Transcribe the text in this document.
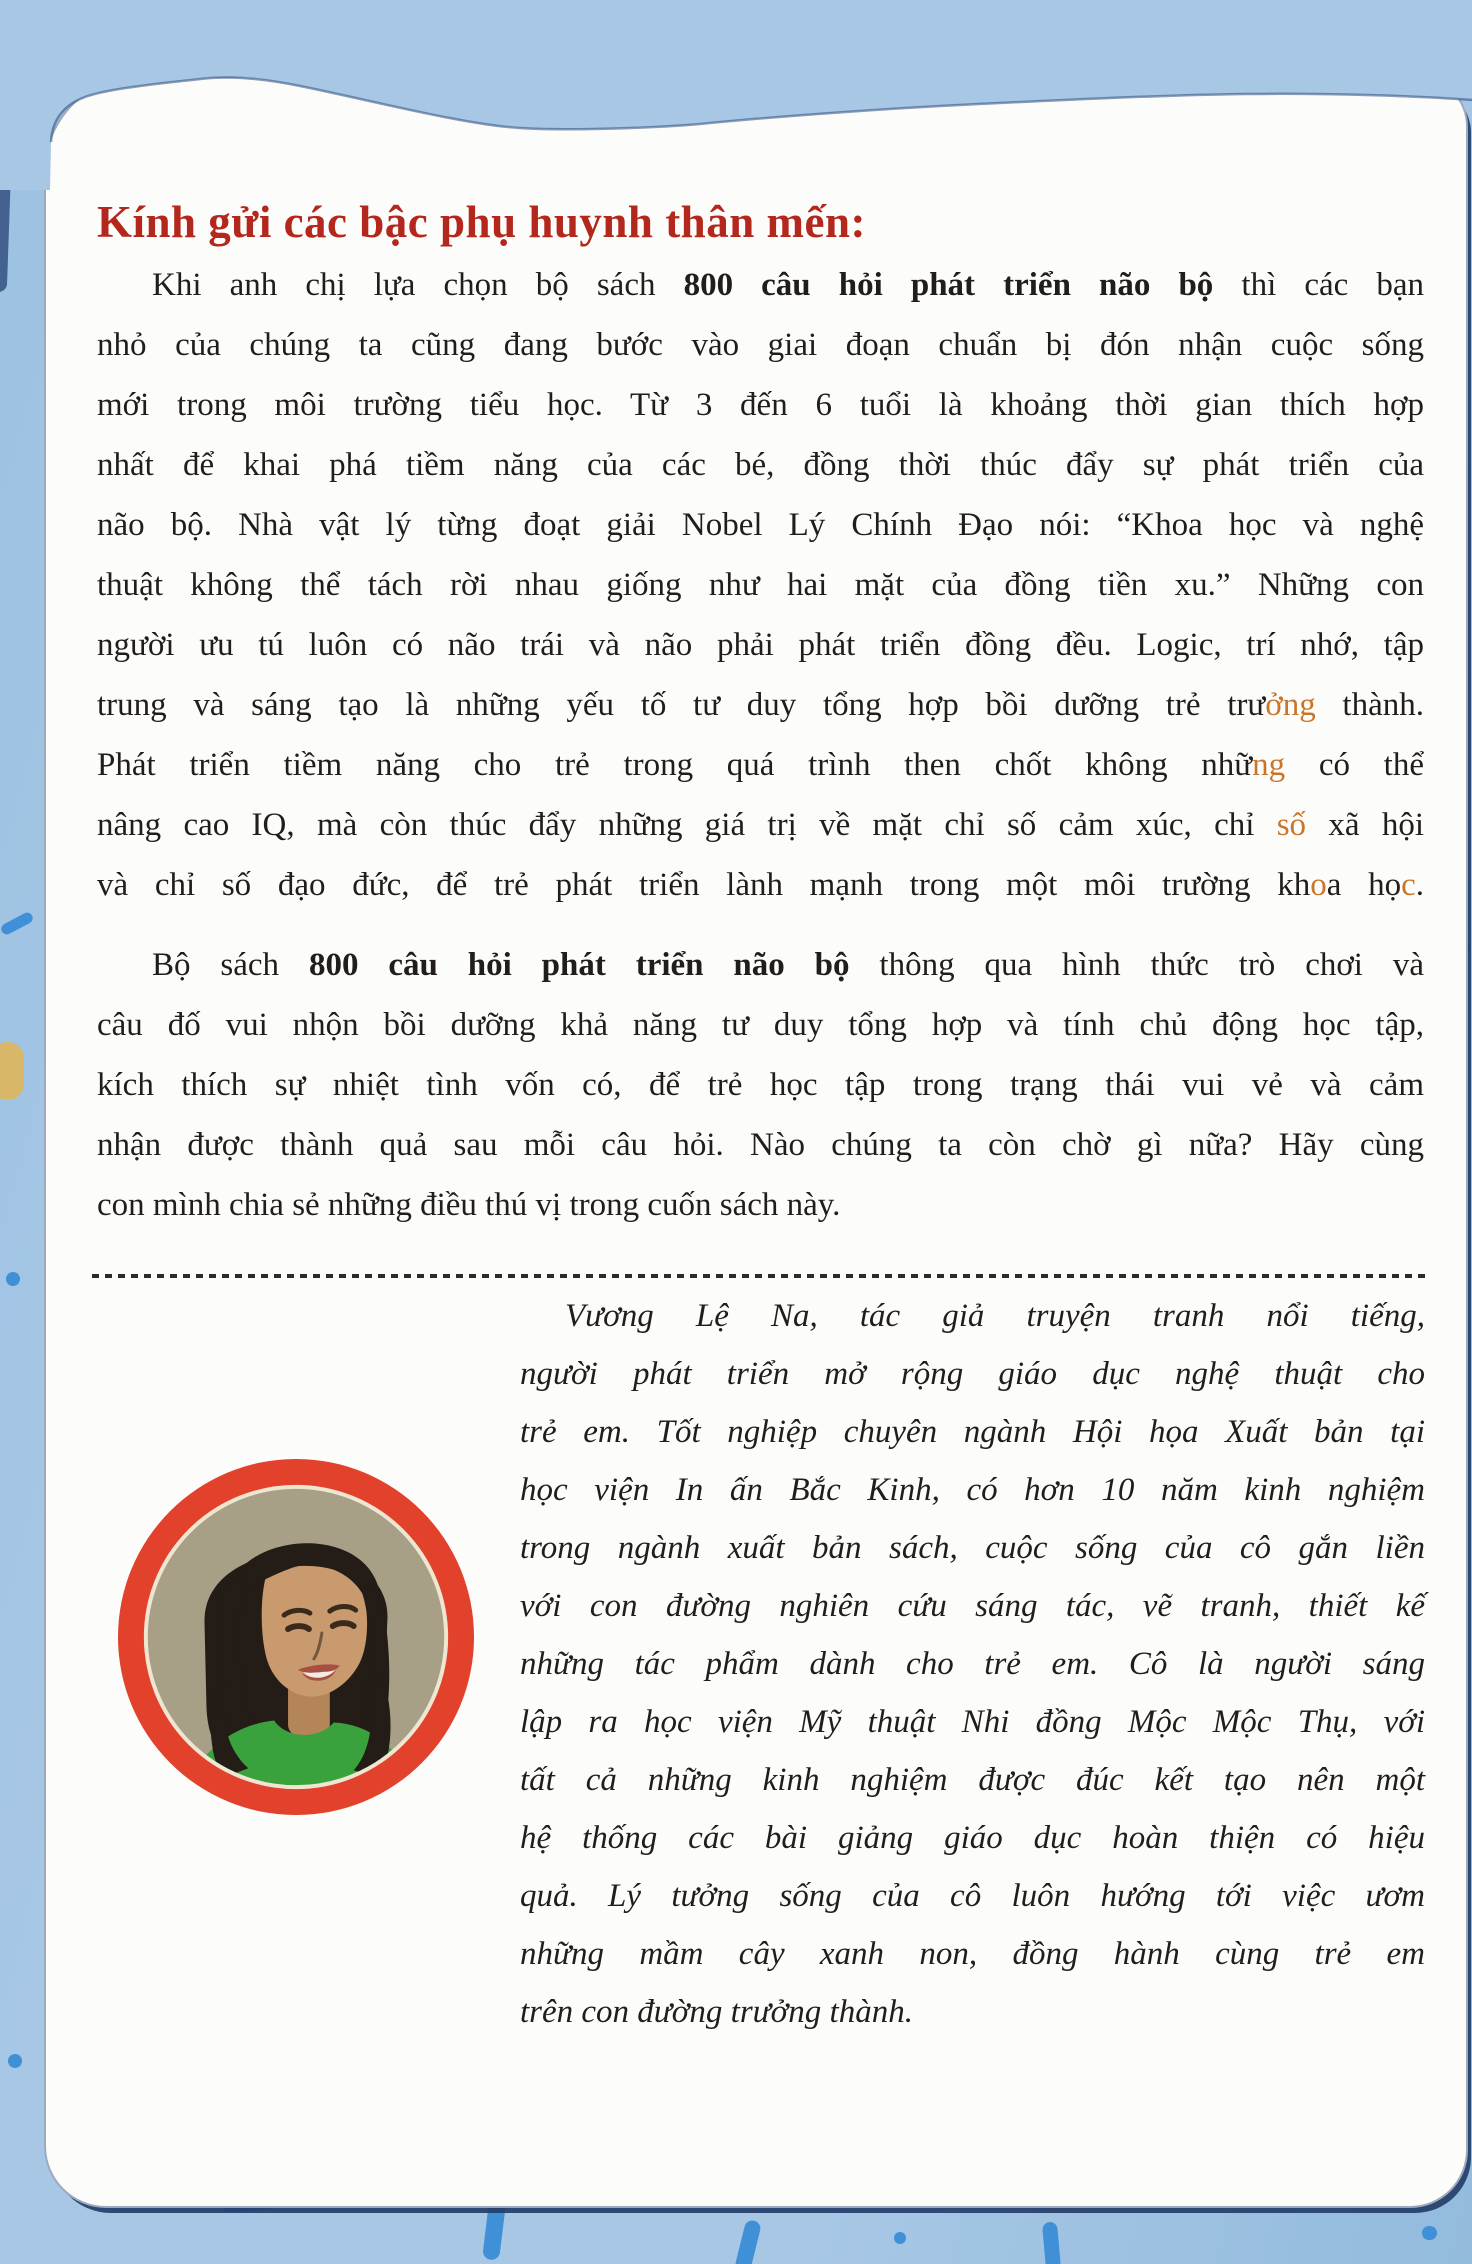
Kính gửi các bậc phụ huynh thân mến:
Khi anh chị lựa chọn bộ sách 800 câu hỏi phát triển não bộ thì các bạn
nhỏ của chúng ta cũng đang bước vào giai đoạn chuẩn bị đón nhận cuộc sống
mới trong môi trường tiểu học. Từ 3 đến 6 tuổi là khoảng thời gian thích hợp
nhất để khai phá tiềm năng của các bé, đồng thời thúc đẩy sự phát triển của
não bộ. Nhà vật lý từng đoạt giải Nobel Lý Chính Đạo nói: “Khoa học và nghệ
thuật không thể tách rời nhau giống như hai mặt của đồng tiền xu.” Những con
người ưu tú luôn có não trái và não phải phát triển đồng đều. Logic, trí nhớ, tập
trung và sáng tạo là những yếu tố tư duy tổng hợp bồi dưỡng trẻ trưởng thành.
Phát triển tiềm năng cho trẻ trong quá trình then chốt không những có thể
nâng cao IQ, mà còn thúc đẩy những giá trị về mặt chỉ số cảm xúc, chỉ số xã hội
và chỉ số đạo đức, để trẻ phát triển lành mạnh trong một môi trường khoa học.
Bộ sách 800 câu hỏi phát triển não bộ thông qua hình thức trò chơi và
câu đố vui nhộn bồi dưỡng khả năng tư duy tổng hợp và tính chủ động học tập,
kích thích sự nhiệt tình vốn có, để trẻ học tập trong trạng thái vui vẻ và cảm
nhận được thành quả sau mỗi câu hỏi. Nào chúng ta còn chờ gì nữa? Hãy cùng
con mình chia sẻ những điều thú vị trong cuốn sách này.
Vương Lệ Na, tác giả truyện tranh nổi tiếng,
người phát triển mở rộng giáo dục nghệ thuật cho
trẻ em. Tốt nghiệp chuyên ngành Hội họa Xuất bản tại
học viện In ấn Bắc Kinh, có hơn 10 năm kinh nghiệm
trong ngành xuất bản sách, cuộc sống của cô gắn liền
với con đường nghiên cứu sáng tác, vẽ tranh, thiết kế
những tác phẩm dành cho trẻ em. Cô là người sáng
lập ra học viện Mỹ thuật Nhi đồng Mộc Mộc Thụ, với
tất cả những kinh nghiệm được đúc kết tạo nên một
hệ thống các bài giảng giáo dục hoàn thiện có hiệu
quả. Lý tưởng sống của cô luôn hướng tới việc ươm
những mầm cây xanh non, đồng hành cùng trẻ em
trên con đường trưởng thành.
